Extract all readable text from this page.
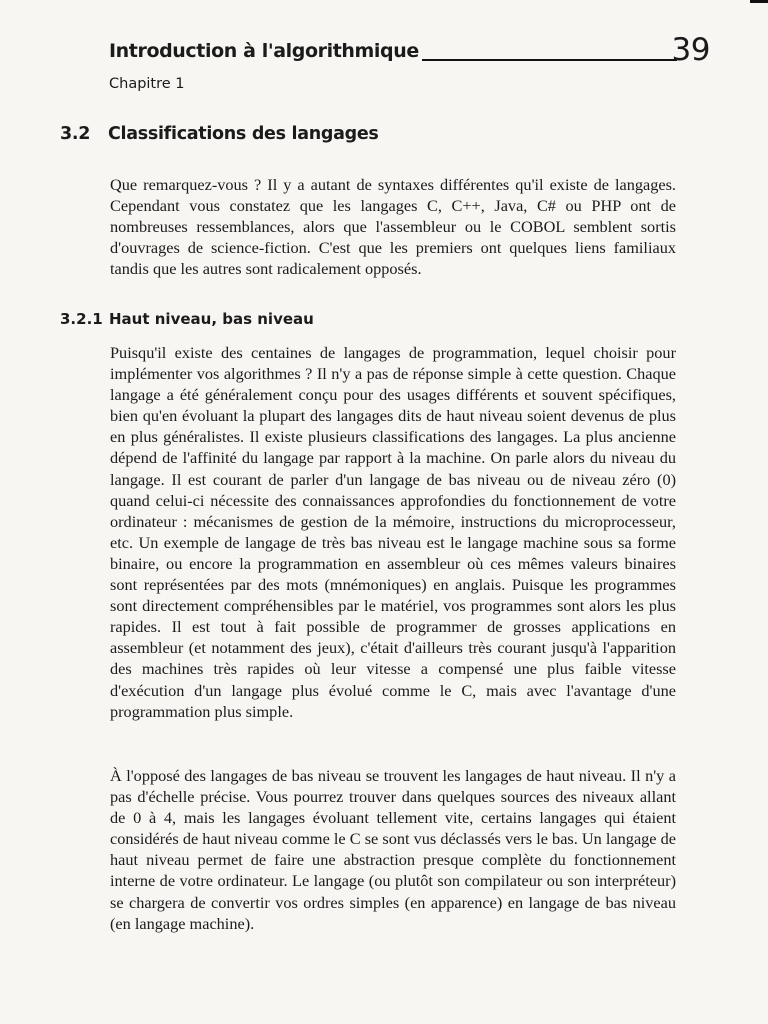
Introduction à l'algorithmique	39
Chapitre 1
3.2 Classifications des langages

Que remarquez-vous ? Il y a autant de syntaxes différentes qu'il existe de langages. Cependant vous constatez que les langages C, C++, Java, C# ou PHP ont de nombreuses ressemblances, alors que l'assembleur ou le COBOL semblent sortis d'ouvrages de science-fiction. C'est que les premiers ont quelques liens familiaux tandis que les autres sont radicalement opposés.

3.2.1 Haut niveau, bas niveau

Puisqu'il existe des centaines de langages de programmation, lequel choisir pour implémenter vos algorithmes ? Il n'y a pas de réponse simple à cette question. Chaque langage a été généralement conçu pour des usages différents et souvent spécifiques, bien qu'en évoluant la plupart des langages dits de haut niveau soient devenus de plus en plus généralistes. Il existe plusieurs classifications des langages. La plus ancienne dépend de l'affinité du langage par rapport à la machine. On parle alors du niveau du langage. Il est courant de parler d'un langage de bas niveau ou de niveau zéro (0) quand celui-ci nécessite des connaissances approfondies du fonctionnement de votre ordinateur : mécanismes de gestion de la mémoire, instructions du microprocesseur, etc. Un exemple de langage de très bas niveau est le langage machine sous sa forme binaire, ou encore la programmation en assembleur où ces mêmes valeurs binaires sont représentées par des mots (mnémoniques) en anglais. Puisque les programmes sont directement compréhensibles par le matériel, vos programmes sont alors les plus rapides. Il est tout à fait possible de programmer de grosses applications en assembleur (et notamment des jeux), c'était d'ailleurs très courant jusqu'à l'apparition des machines très rapides où leur vitesse a compensé une plus faible vitesse d'exécution d'un langage plus évolué comme le C, mais avec l'avantage d'une programmation plus simple.

À l'opposé des langages de bas niveau se trouvent les langages de haut niveau. Il n'y a pas d'échelle précise. Vous pourrez trouver dans quelques sources des niveaux allant de 0 à 4, mais les langages évoluant tellement vite, certains langages qui étaient considérés de haut niveau comme le C se sont vus déclassés vers le bas. Un langage de haut niveau permet de faire une abstraction presque complète du fonctionnement interne de votre ordinateur. Le langage (ou plutôt son compilateur ou son interpréteur) se chargera de convertir vos ordres simples (en apparence) en langage de bas niveau (en langage machine).
